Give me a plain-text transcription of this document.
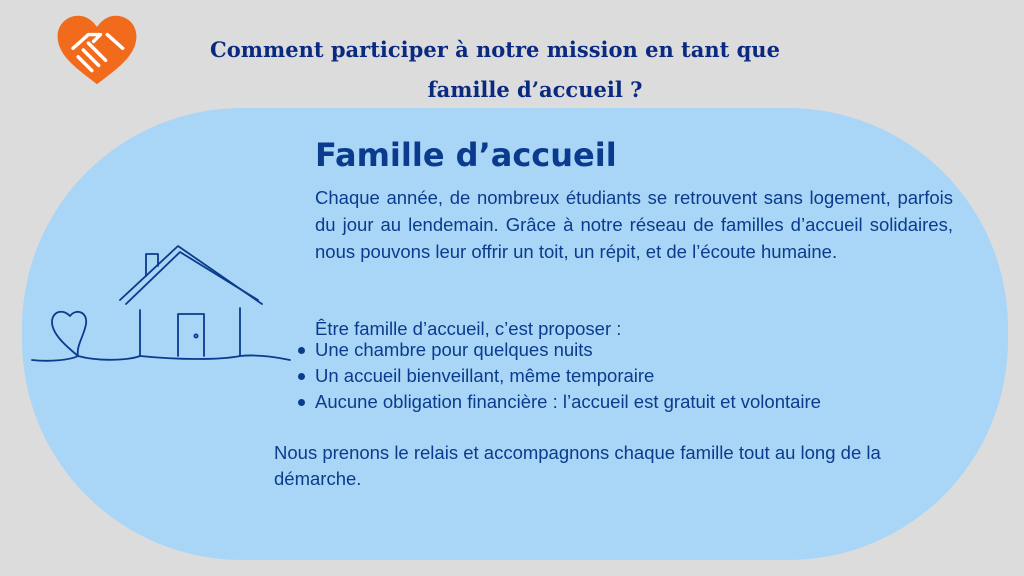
Comment participer à notre mission en tant que
famille d’accueil ?
Famille d’accueil

Chaque année, de nombreux étudiants se retrouvent sans logement, parfois du jour au lendemain. Grâce à notre réseau de familles d’accueil solidaires, nous pouvons leur offrir un toit, un répit, et de l’écoute humaine.

Être famille d’accueil, c’est proposer :

Une chambre pour quelques nuits
Un accueil bienveillant, même temporaire
Aucune obligation financière : l’accueil est gratuit et volontaire

Nous prenons le relais et accompagnons chaque famille tout au long de la démarche.
